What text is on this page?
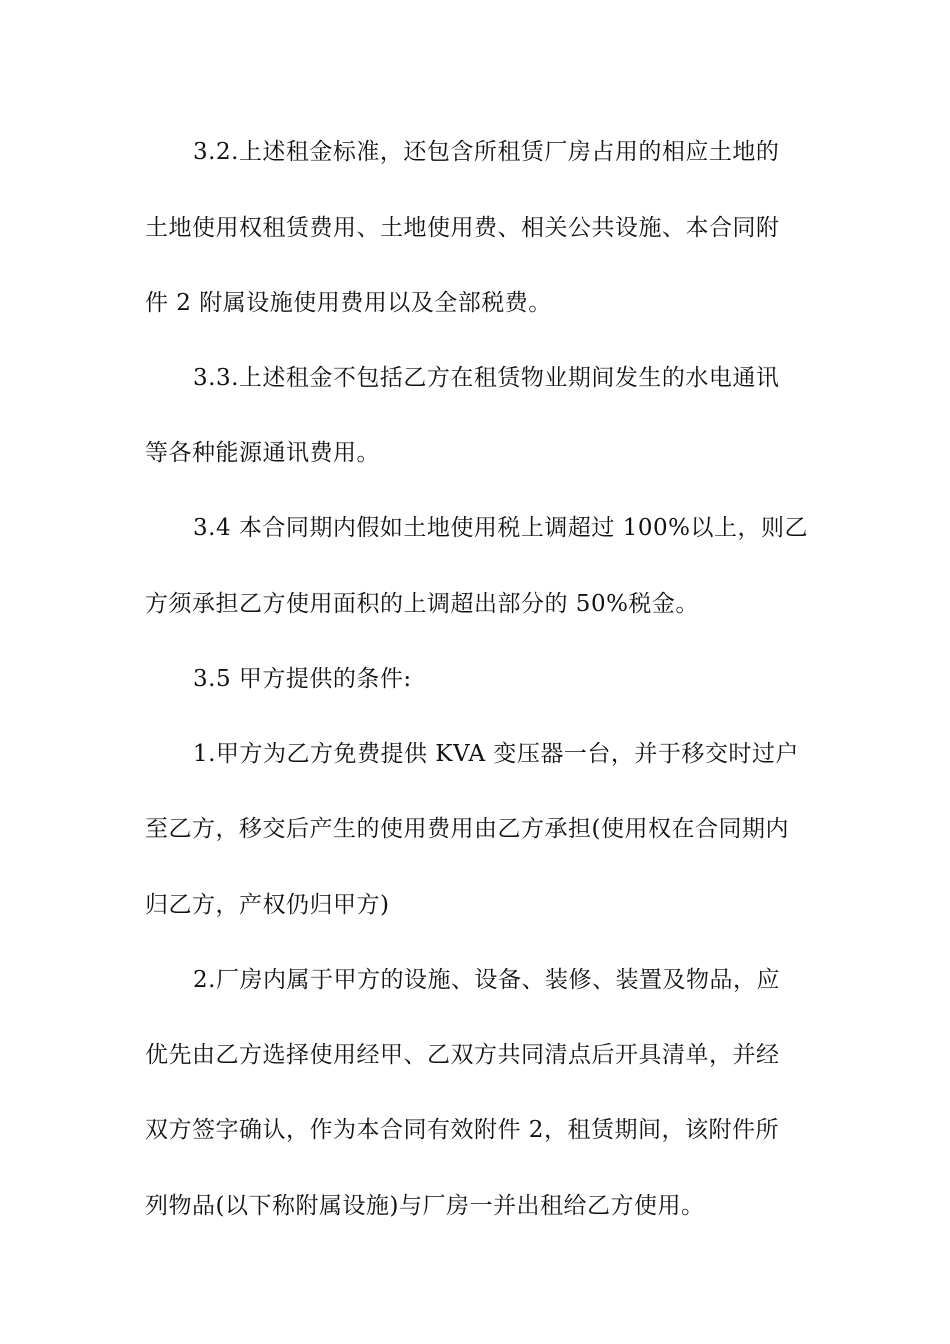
3.2.上述租金标准，还包含所租赁厂房占用的相应土地的
土地使用权租赁费用、土地使用费、相关公共设施、本合同附
件 2 附属设施使用费用以及全部税费。
3.3.上述租金不包括乙方在租赁物业期间发生的水电通讯
等各种能源通讯费用。
3.4 本合同期内假如土地使用税上调超过 100%以上，则乙
方须承担乙方使用面积的上调超出部分的 50%税金。
3.5 甲方提供的条件:
1.甲方为乙方免费提供 KVA 变压器一台，并于移交时过户
至乙方，移交后产生的使用费用由乙方承担(使用权在合同期内
归乙方，产权仍归甲方)
2.厂房内属于甲方的设施、设备、装修、装置及物品，应
优先由乙方选择使用经甲、乙双方共同清点后开具清单，并经
双方签字确认，作为本合同有效附件 2，租赁期间，该附件所
列物品(以下称附属设施)与厂房一并出租给乙方使用。
